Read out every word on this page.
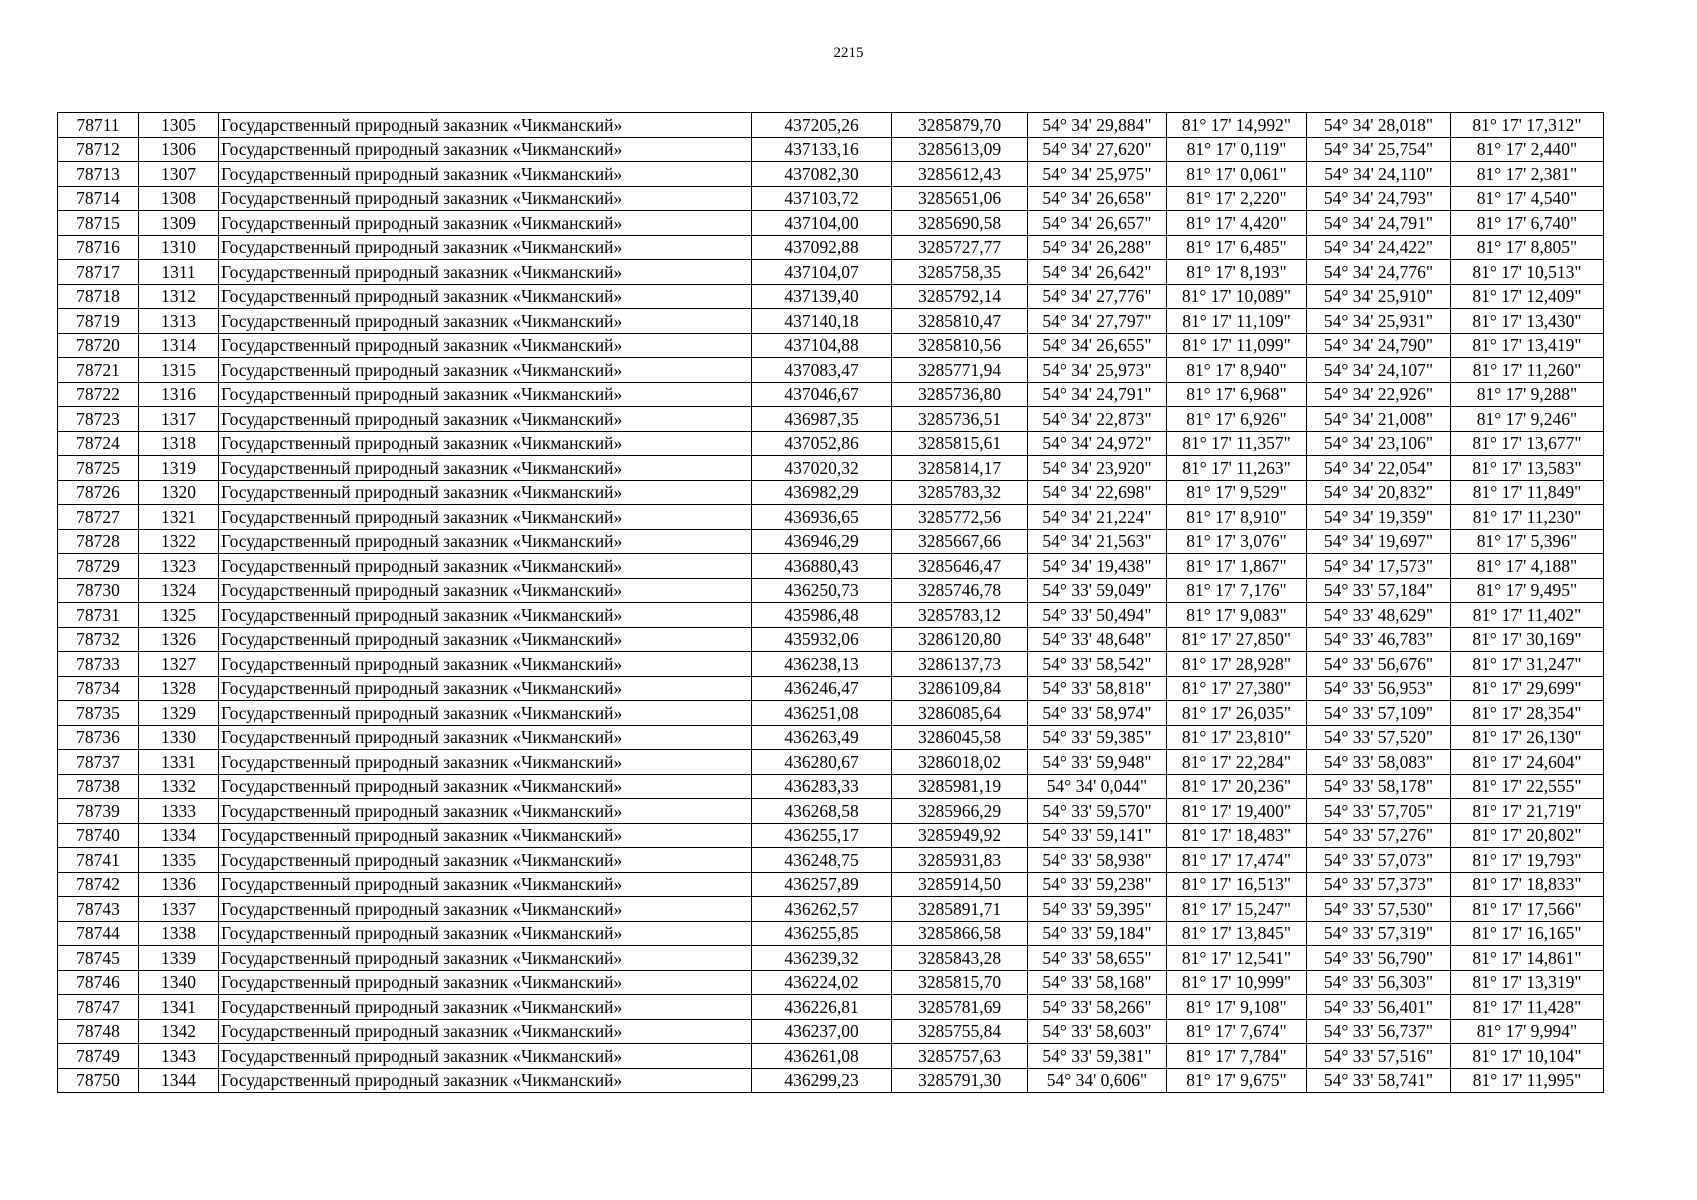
2215
78711	1305	Государственный природный заказник «Чикманский»	437205,26	3285879,70	54° 34' 29,884"	81° 17' 14,992"	54° 34' 28,018"	81° 17' 17,312"
78712	1306	Государственный природный заказник «Чикманский»	437133,16	3285613,09	54° 34' 27,620"	81° 17' 0,119"	54° 34' 25,754"	81° 17' 2,440"
78713	1307	Государственный природный заказник «Чикманский»	437082,30	3285612,43	54° 34' 25,975"	81° 17' 0,061"	54° 34' 24,110"	81° 17' 2,381"
78714	1308	Государственный природный заказник «Чикманский»	437103,72	3285651,06	54° 34' 26,658"	81° 17' 2,220"	54° 34' 24,793"	81° 17' 4,540"
78715	1309	Государственный природный заказник «Чикманский»	437104,00	3285690,58	54° 34' 26,657"	81° 17' 4,420"	54° 34' 24,791"	81° 17' 6,740"
78716	1310	Государственный природный заказник «Чикманский»	437092,88	3285727,77	54° 34' 26,288"	81° 17' 6,485"	54° 34' 24,422"	81° 17' 8,805"
78717	1311	Государственный природный заказник «Чикманский»	437104,07	3285758,35	54° 34' 26,642"	81° 17' 8,193"	54° 34' 24,776"	81° 17' 10,513"
78718	1312	Государственный природный заказник «Чикманский»	437139,40	3285792,14	54° 34' 27,776"	81° 17' 10,089"	54° 34' 25,910"	81° 17' 12,409"
78719	1313	Государственный природный заказник «Чикманский»	437140,18	3285810,47	54° 34' 27,797"	81° 17' 11,109"	54° 34' 25,931"	81° 17' 13,430"
78720	1314	Государственный природный заказник «Чикманский»	437104,88	3285810,56	54° 34' 26,655"	81° 17' 11,099"	54° 34' 24,790"	81° 17' 13,419"
78721	1315	Государственный природный заказник «Чикманский»	437083,47	3285771,94	54° 34' 25,973"	81° 17' 8,940"	54° 34' 24,107"	81° 17' 11,260"
78722	1316	Государственный природный заказник «Чикманский»	437046,67	3285736,80	54° 34' 24,791"	81° 17' 6,968"	54° 34' 22,926"	81° 17' 9,288"
78723	1317	Государственный природный заказник «Чикманский»	436987,35	3285736,51	54° 34' 22,873"	81° 17' 6,926"	54° 34' 21,008"	81° 17' 9,246"
78724	1318	Государственный природный заказник «Чикманский»	437052,86	3285815,61	54° 34' 24,972"	81° 17' 11,357"	54° 34' 23,106"	81° 17' 13,677"
78725	1319	Государственный природный заказник «Чикманский»	437020,32	3285814,17	54° 34' 23,920"	81° 17' 11,263"	54° 34' 22,054"	81° 17' 13,583"
78726	1320	Государственный природный заказник «Чикманский»	436982,29	3285783,32	54° 34' 22,698"	81° 17' 9,529"	54° 34' 20,832"	81° 17' 11,849"
78727	1321	Государственный природный заказник «Чикманский»	436936,65	3285772,56	54° 34' 21,224"	81° 17' 8,910"	54° 34' 19,359"	81° 17' 11,230"
78728	1322	Государственный природный заказник «Чикманский»	436946,29	3285667,66	54° 34' 21,563"	81° 17' 3,076"	54° 34' 19,697"	81° 17' 5,396"
78729	1323	Государственный природный заказник «Чикманский»	436880,43	3285646,47	54° 34' 19,438"	81° 17' 1,867"	54° 34' 17,573"	81° 17' 4,188"
78730	1324	Государственный природный заказник «Чикманский»	436250,73	3285746,78	54° 33' 59,049"	81° 17' 7,176"	54° 33' 57,184"	81° 17' 9,495"
78731	1325	Государственный природный заказник «Чикманский»	435986,48	3285783,12	54° 33' 50,494"	81° 17' 9,083"	54° 33' 48,629"	81° 17' 11,402"
78732	1326	Государственный природный заказник «Чикманский»	435932,06	3286120,80	54° 33' 48,648"	81° 17' 27,850"	54° 33' 46,783"	81° 17' 30,169"
78733	1327	Государственный природный заказник «Чикманский»	436238,13	3286137,73	54° 33' 58,542"	81° 17' 28,928"	54° 33' 56,676"	81° 17' 31,247"
78734	1328	Государственный природный заказник «Чикманский»	436246,47	3286109,84	54° 33' 58,818"	81° 17' 27,380"	54° 33' 56,953"	81° 17' 29,699"
78735	1329	Государственный природный заказник «Чикманский»	436251,08	3286085,64	54° 33' 58,974"	81° 17' 26,035"	54° 33' 57,109"	81° 17' 28,354"
78736	1330	Государственный природный заказник «Чикманский»	436263,49	3286045,58	54° 33' 59,385"	81° 17' 23,810"	54° 33' 57,520"	81° 17' 26,130"
78737	1331	Государственный природный заказник «Чикманский»	436280,67	3286018,02	54° 33' 59,948"	81° 17' 22,284"	54° 33' 58,083"	81° 17' 24,604"
78738	1332	Государственный природный заказник «Чикманский»	436283,33	3285981,19	54° 34' 0,044"	81° 17' 20,236"	54° 33' 58,178"	81° 17' 22,555"
78739	1333	Государственный природный заказник «Чикманский»	436268,58	3285966,29	54° 33' 59,570"	81° 17' 19,400"	54° 33' 57,705"	81° 17' 21,719"
78740	1334	Государственный природный заказник «Чикманский»	436255,17	3285949,92	54° 33' 59,141"	81° 17' 18,483"	54° 33' 57,276"	81° 17' 20,802"
78741	1335	Государственный природный заказник «Чикманский»	436248,75	3285931,83	54° 33' 58,938"	81° 17' 17,474"	54° 33' 57,073"	81° 17' 19,793"
78742	1336	Государственный природный заказник «Чикманский»	436257,89	3285914,50	54° 33' 59,238"	81° 17' 16,513"	54° 33' 57,373"	81° 17' 18,833"
78743	1337	Государственный природный заказник «Чикманский»	436262,57	3285891,71	54° 33' 59,395"	81° 17' 15,247"	54° 33' 57,530"	81° 17' 17,566"
78744	1338	Государственный природный заказник «Чикманский»	436255,85	3285866,58	54° 33' 59,184"	81° 17' 13,845"	54° 33' 57,319"	81° 17' 16,165"
78745	1339	Государственный природный заказник «Чикманский»	436239,32	3285843,28	54° 33' 58,655"	81° 17' 12,541"	54° 33' 56,790"	81° 17' 14,861"
78746	1340	Государственный природный заказник «Чикманский»	436224,02	3285815,70	54° 33' 58,168"	81° 17' 10,999"	54° 33' 56,303"	81° 17' 13,319"
78747	1341	Государственный природный заказник «Чикманский»	436226,81	3285781,69	54° 33' 58,266"	81° 17' 9,108"	54° 33' 56,401"	81° 17' 11,428"
78748	1342	Государственный природный заказник «Чикманский»	436237,00	3285755,84	54° 33' 58,603"	81° 17' 7,674"	54° 33' 56,737"	81° 17' 9,994"
78749	1343	Государственный природный заказник «Чикманский»	436261,08	3285757,63	54° 33' 59,381"	81° 17' 7,784"	54° 33' 57,516"	81° 17' 10,104"
78750	1344	Государственный природный заказник «Чикманский»	436299,23	3285791,30	54° 34' 0,606"	81° 17' 9,675"	54° 33' 58,741"	81° 17' 11,995"
